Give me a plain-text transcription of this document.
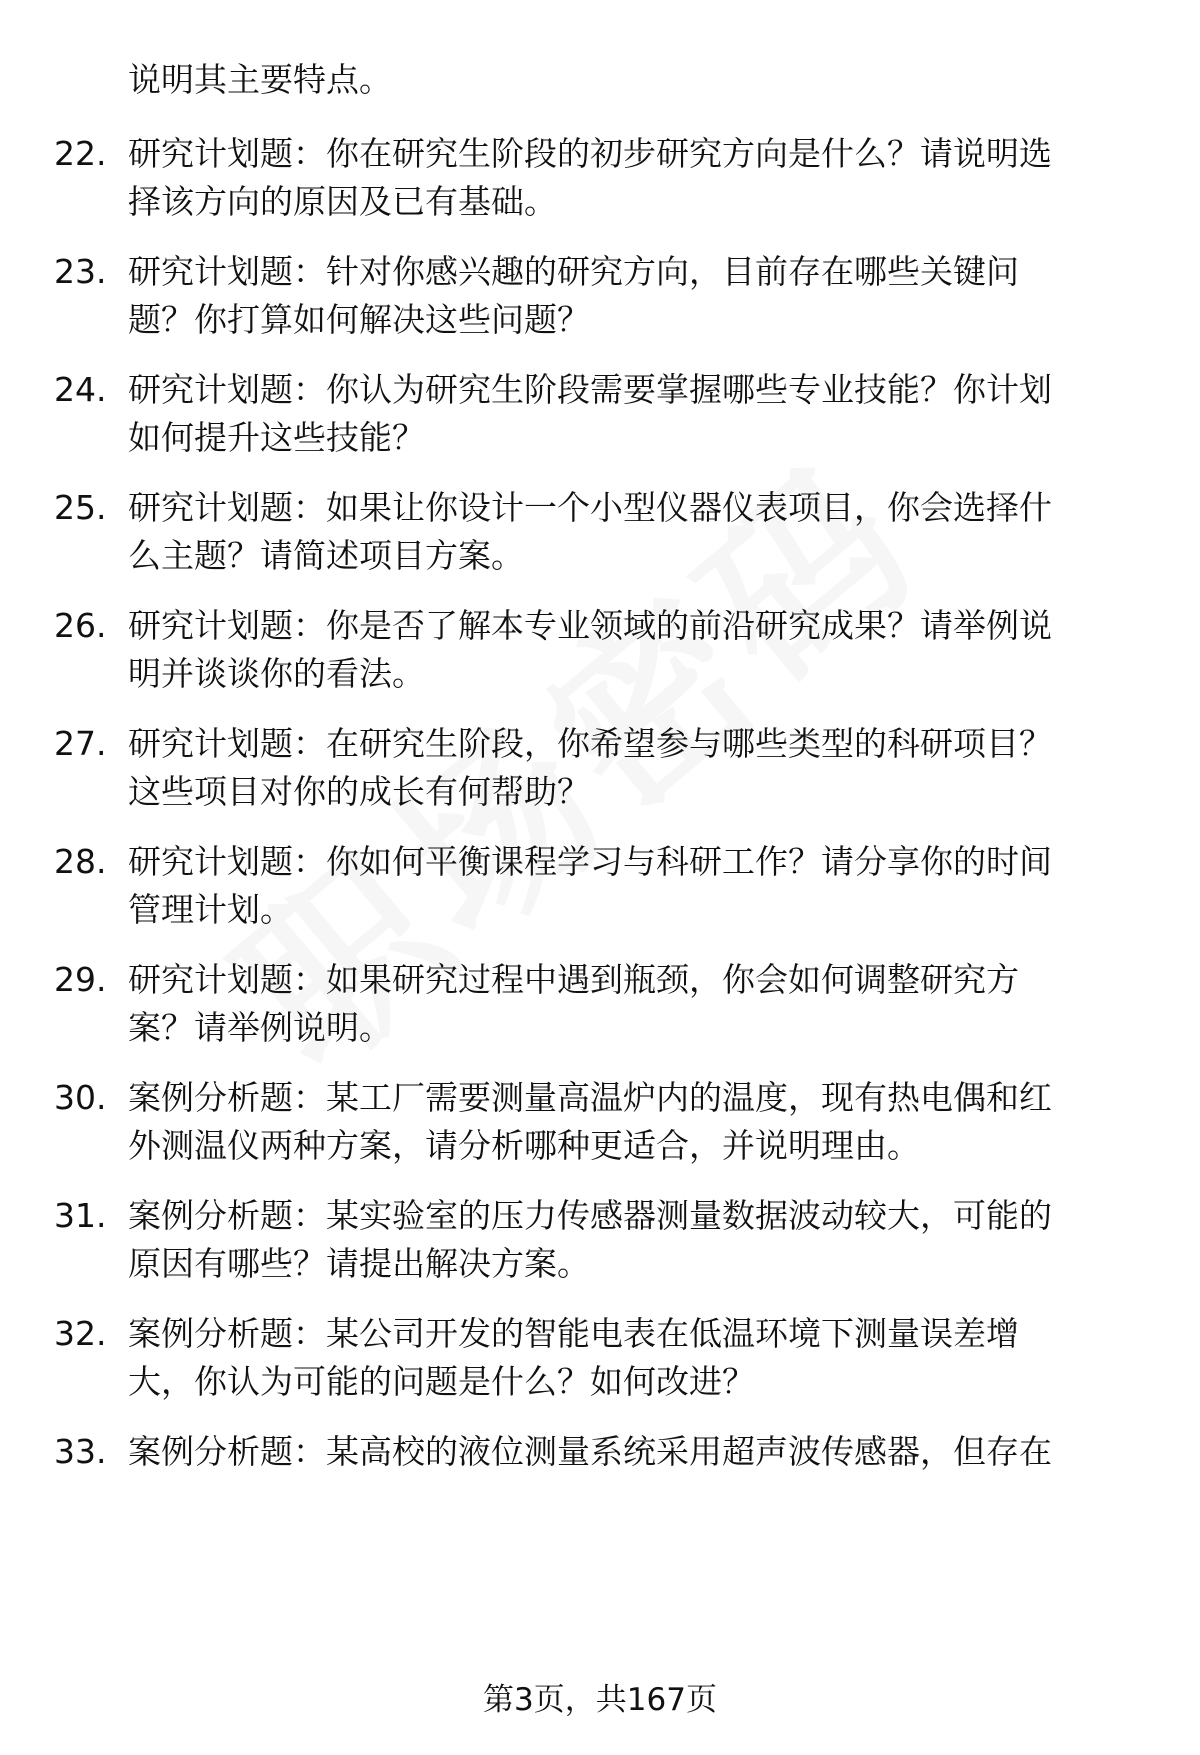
说明其主要特点。
22. 研究计划题：你在研究生阶段的初步研究方向是什么？请说明选
择该方向的原因及已有基础。
23. 研究计划题：针对你感兴趣的研究方向，目前存在哪些关键问
题？你打算如何解决这些问题？
24. 研究计划题：你认为研究生阶段需要掌握哪些专业技能？你计划
如何提升这些技能？
25. 研究计划题：如果让你设计一个小型仪器仪表项目，你会选择什
么主题？请简述项目方案。
26. 研究计划题：你是否了解本专业领域的前沿研究成果？请举例说
明并谈谈你的看法。
27. 研究计划题：在研究生阶段，你希望参与哪些类型的科研项目？
这些项目对你的成长有何帮助？
28. 研究计划题：你如何平衡课程学习与科研工作？请分享你的时间
管理计划。
29. 研究计划题：如果研究过程中遇到瓶颈，你会如何调整研究方
案？请举例说明。
30. 案例分析题：某工厂需要测量高温炉内的温度，现有热电偶和红
外测温仪两种方案，请分析哪种更适合，并说明理由。
31. 案例分析题：某实验室的压力传感器测量数据波动较大，可能的
原因有哪些？请提出解决方案。
32. 案例分析题：某公司开发的智能电表在低温环境下测量误差增
大，你认为可能的问题是什么？如何改进？
33. 案例分析题：某高校的液位测量系统采用超声波传感器，但存在
第3页，共167页
